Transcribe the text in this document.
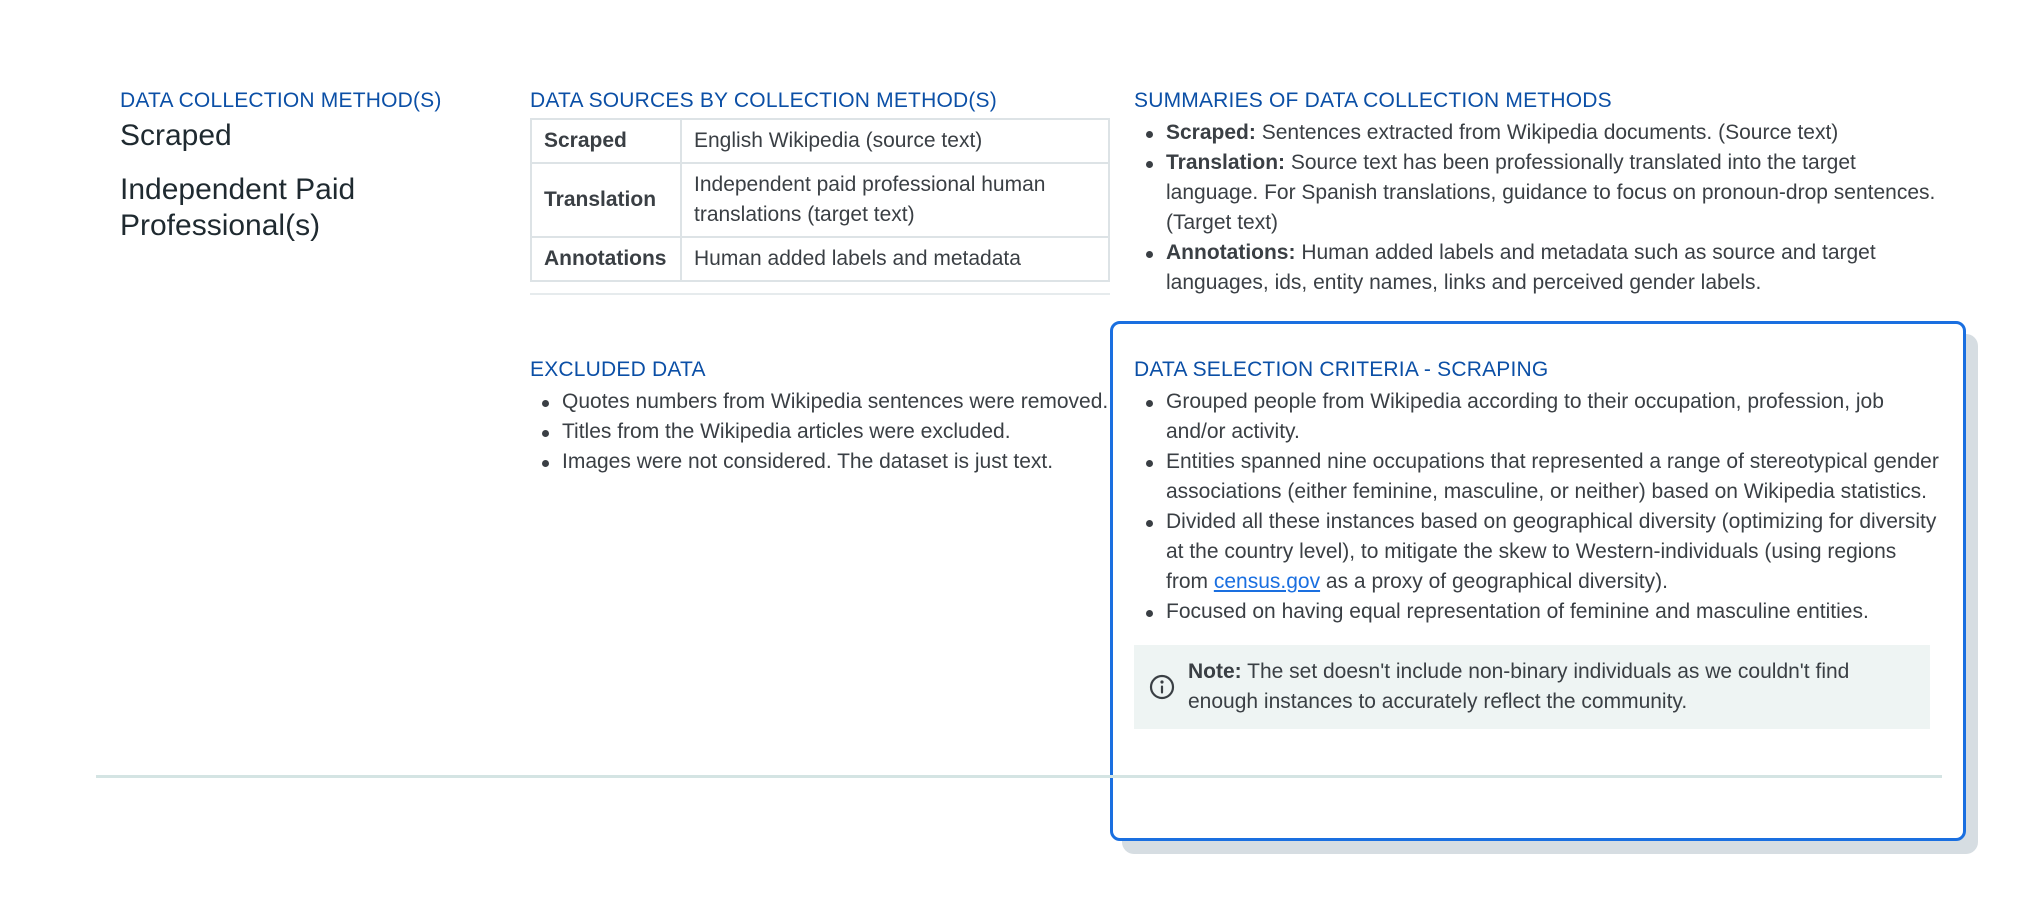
DATA COLLECTION METHOD(S)
Scraped
Independent Paid Professional(s)
DATA SOURCES BY COLLECTION METHOD(S)
Scraped	English Wikipedia (source text)
Translation	Independent paid professional human translations (target text)
Annotations	Human added labels and metadata
SUMMARIES OF DATA COLLECTION METHODS
Scraped: Sentences extracted from Wikipedia documents. (Source text)
Translation: Source text has been professionally translated into the target language. For Spanish translations, guidance to focus on pronoun-drop sentences. (Target text)
Annotations: Human added labels and metadata such as source and target languages, ids, entity names, links and perceived gender labels.
EXCLUDED DATA
Quotes numbers from Wikipedia sentences were removed.
Titles from the Wikipedia articles were excluded.
Images were not considered. The dataset is just text.
DATA SELECTION CRITERIA - SCRAPING
Grouped people from Wikipedia according to their occupation, profession, job and/or activity.
Entities spanned nine occupations that represented a range of stereotypical gender associations (either feminine, masculine, or neither) based on Wikipedia statistics.
Divided all these instances based on geographical diversity (optimizing for diversity at the country level), to mitigate the skew to Western-individuals (using regions from census.gov as a proxy of geographical diversity).
Focused on having equal representation of feminine and masculine entities.
Note: The set doesn't include non-binary individuals as we couldn't find enough instances to accurately reflect the community.
